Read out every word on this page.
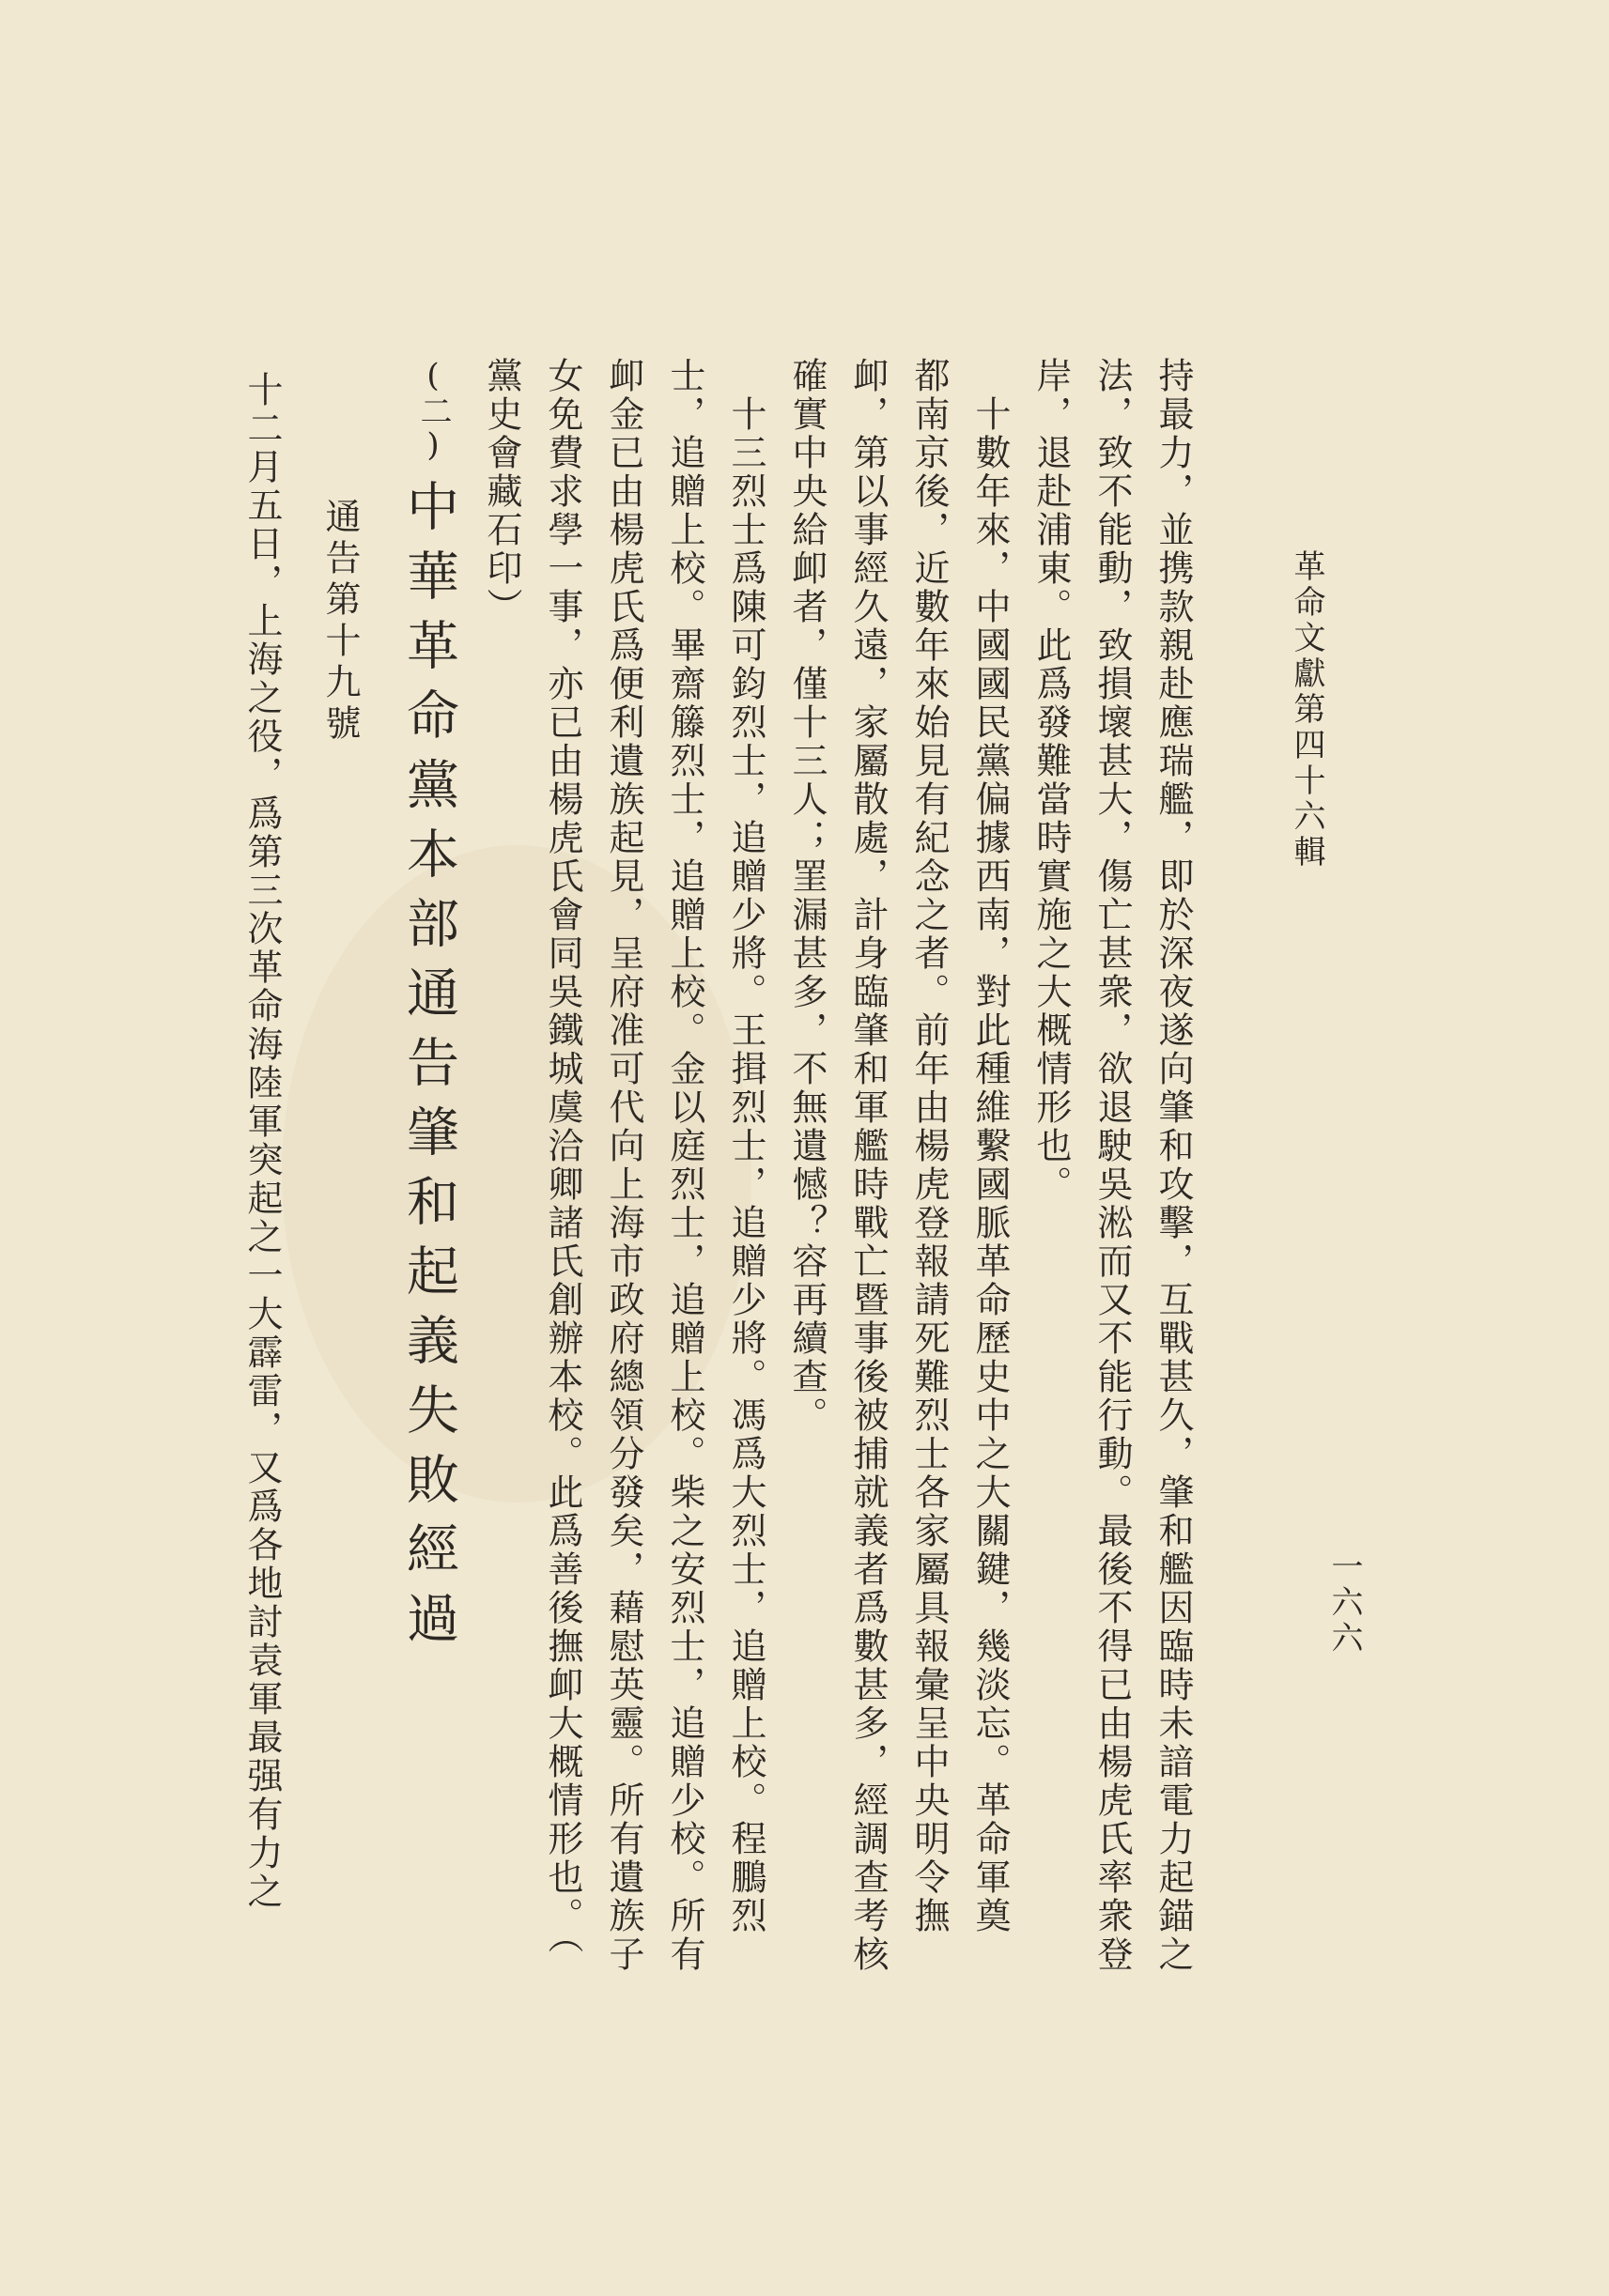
革命文獻第四十六輯
一六六
持最力，並携款親赴應瑞艦，即於深夜遂向肇和攻擊，互戰甚久，肇和艦因臨時未諳電力起錨之
法，致不能動，致損壞甚大，傷亡甚衆，欲退駛吳淞而又不能行動。最後不得已由楊虎氏率衆登
岸，退赴浦東。此爲發難當時實施之大概情形也。
十數年來，中國國民黨偏據西南，對此種維繫國脈革命歷史中之大關鍵，幾淡忘。革命軍奠
都南京後，近數年來始見有紀念之者。前年由楊虎登報請死難烈士各家屬具報彙呈中央明令撫
卹，第以事經久遠，家屬散處，計身臨肇和軍艦時戰亡暨事後被捕就義者爲數甚多，經調查考核
確實中央給卹者，僅十三人；罣漏甚多，不無遺憾？容再續查。
十三烈士爲陳可鈞烈士，追贈少將。王揖烈士，追贈少將。馮爲大烈士，追贈上校。程鵬烈
士，追贈上校。畢齋籐烈士，追贈上校。金以庭烈士，追贈上校。柴之安烈士，追贈少校。所有
卹金已由楊虎氏爲便利遺族起見，呈府准可代向上海市政府總領分發矣，藉慰英靈。所有遺族子
女免費求學一事，亦已由楊虎氏會同吳鐵城虞洽卿諸氏創辦本校。此爲善後撫卹大概情形也。（
黨史會藏石印）
(二)
中華革命黨本部通告肇和起義失敗經過
通告第十九號
十二月五日，上海之役，爲第三次革命海陸軍突起之一大霹雷，又爲各地討袁軍最强有力之
